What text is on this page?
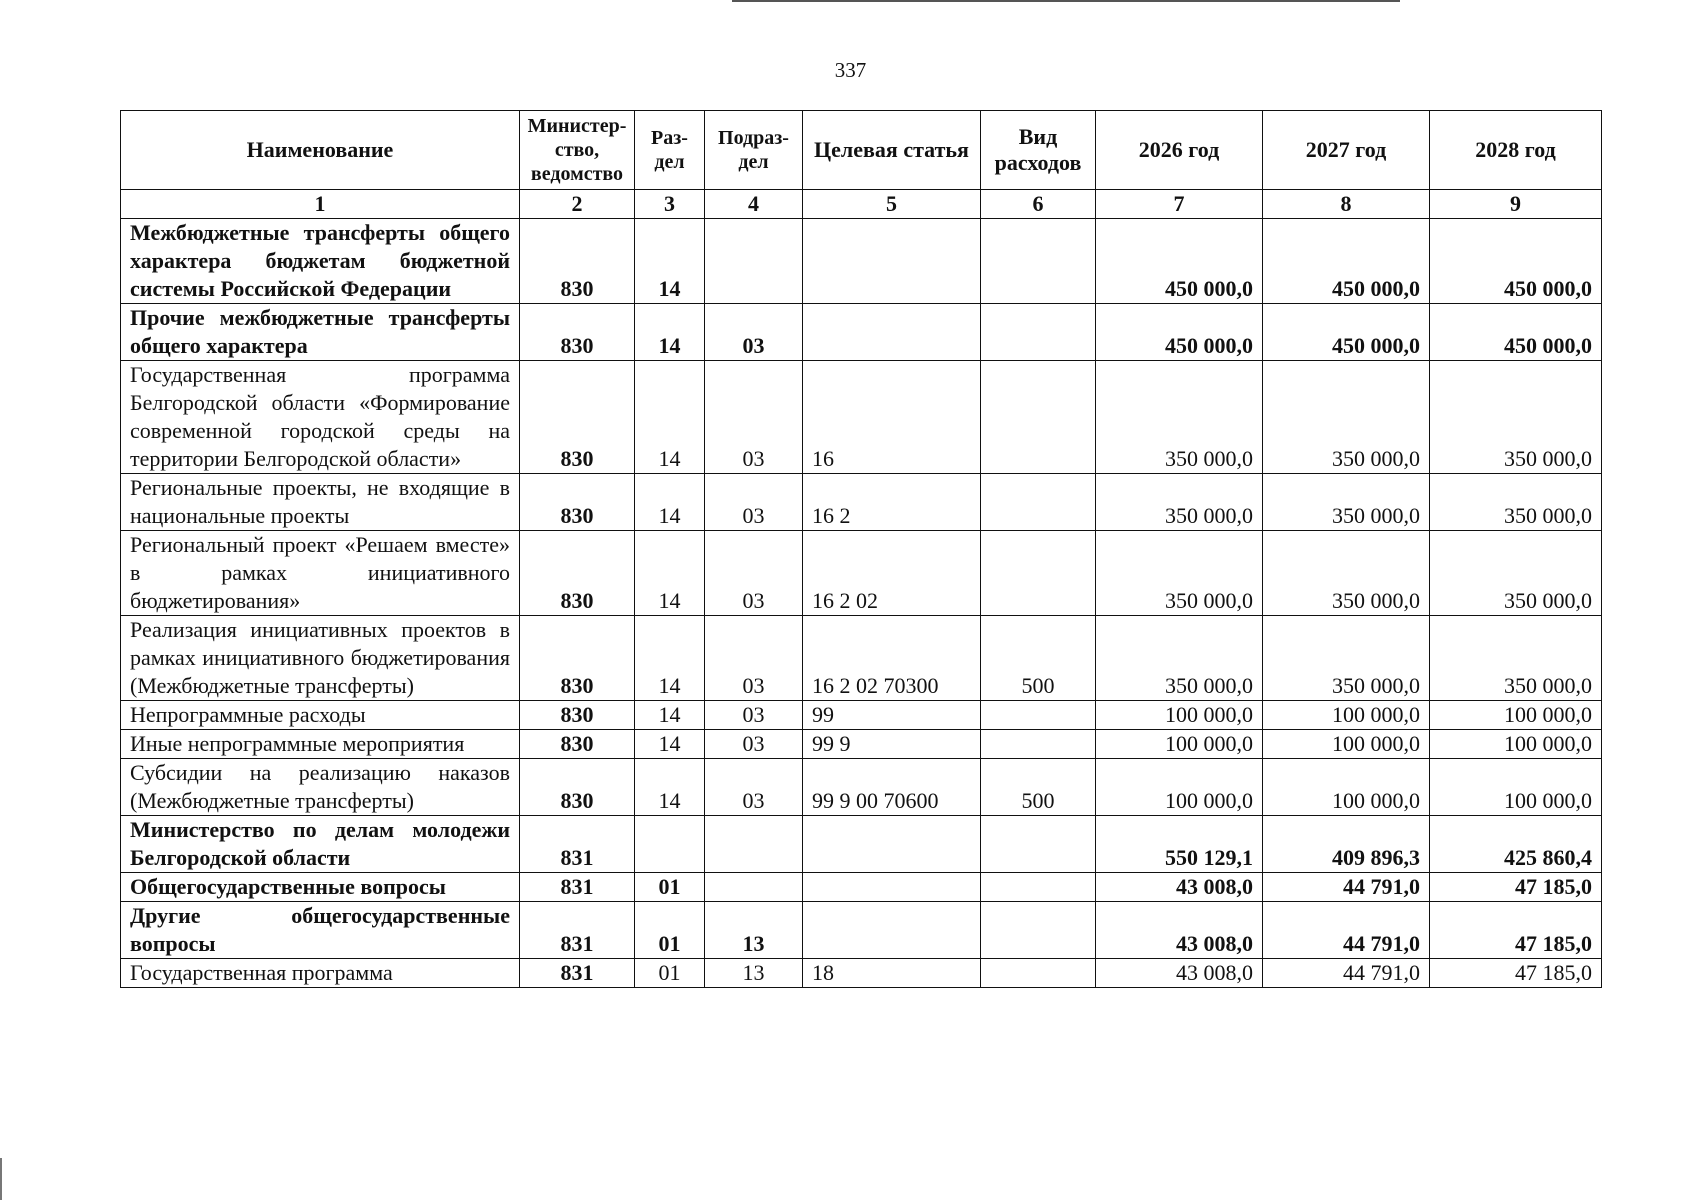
337
Наименование	Министер-ство, ведомство	Раз-дел	Подраз-дел	Целевая статья	Вид расходов	2026 год	2027 год	2028 год
1	2	3	4	5	6	7	8	9
Межбюджетные трансферты общего характера бюджетам бюджетной системы Российской Федерации	830	14				450 000,0	450 000,0	450 000,0
Прочие межбюджетные трансферты общего характера	830	14	03			450 000,0	450 000,0	450 000,0
Государственная программа Белгородской области «Формирование современной городской среды на территории Белгородской области»	830	14	03	16		350 000,0	350 000,0	350 000,0
Региональные проекты, не входящие в национальные проекты	830	14	03	16 2		350 000,0	350 000,0	350 000,0
Региональный проект «Решаем вместе» в рамках инициативного бюджетирования»	830	14	03	16 2 02		350 000,0	350 000,0	350 000,0
Реализация инициативных проектов в рамках инициативного бюджетирования (Межбюджетные трансферты)	830	14	03	16 2 02 70300	500	350 000,0	350 000,0	350 000,0
Непрограммные расходы	830	14	03	99		100 000,0	100 000,0	100 000,0
Иные непрограммные мероприятия	830	14	03	99 9		100 000,0	100 000,0	100 000,0
Субсидии на реализацию наказов (Межбюджетные трансферты)	830	14	03	99 9 00 70600	500	100 000,0	100 000,0	100 000,0
Министерство по делам молодежи Белгородской области	831					550 129,1	409 896,3	425 860,4
Общегосударственные вопросы	831	01				43 008,0	44 791,0	47 185,0
Другие общегосударственные вопросы	831	01	13			43 008,0	44 791,0	47 185,0
Государственная программа	831	01	13	18		43 008,0	44 791,0	47 185,0
